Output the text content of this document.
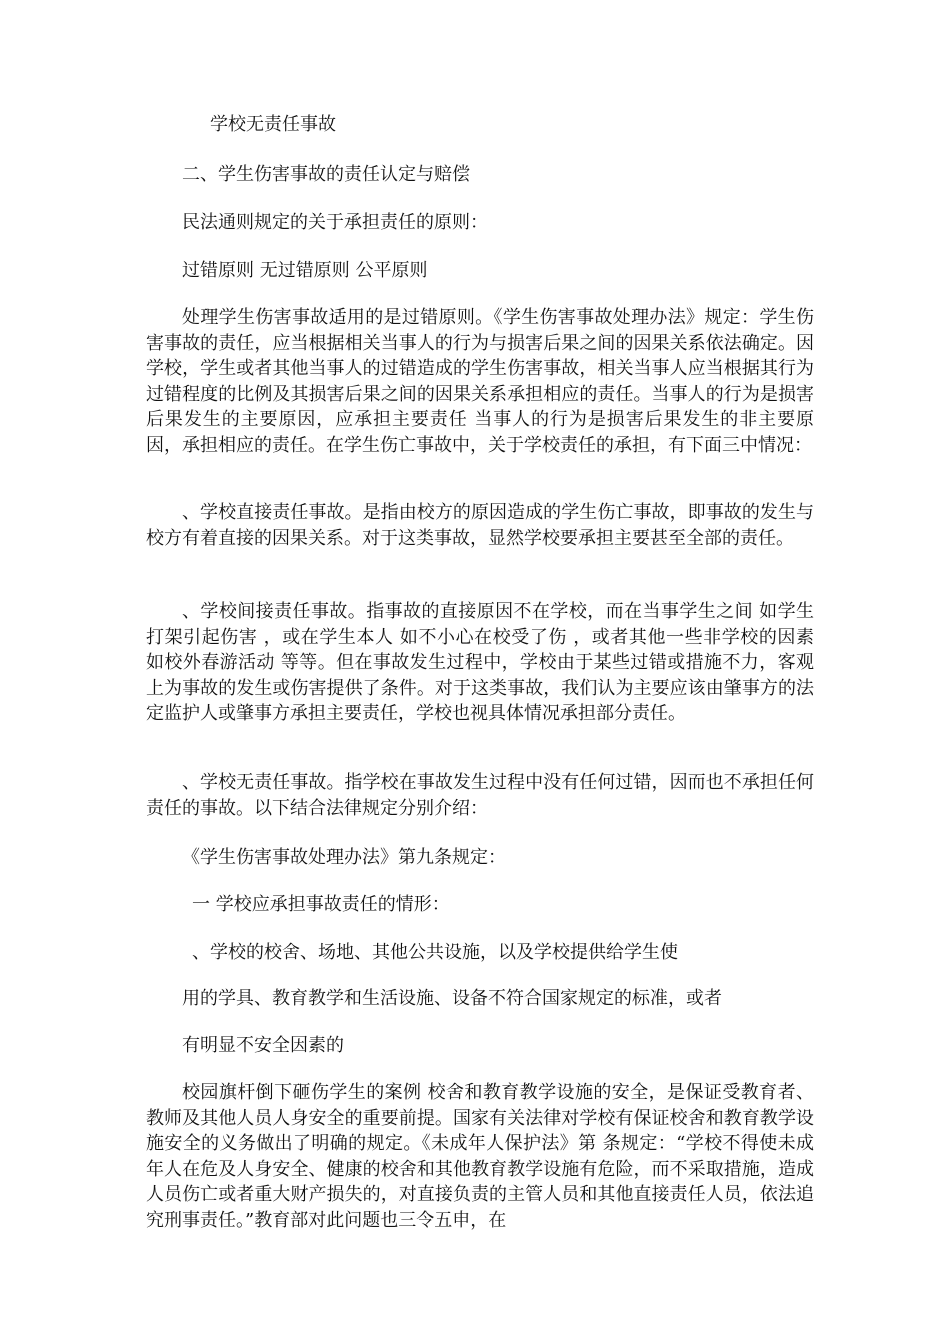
学校无责任事故
二、学生伤害事故的责任认定与赔偿
民法通则规定的关于承担责任的原则：
过错原则 无过错原则 公平原则
处理学生伤害事故适用的是过错原则。《学生伤害事故处理办法》规定：学生伤害事故的责任，应当根据相关当事人的行为与损害后果之间的因果关系依法确定。因学校，学生或者其他当事人的过错造成的学生伤害事故，相关当事人应当根据其行为过错程度的比例及其损害后果之间的因果关系承担相应的责任。当事人的行为是损害后果发生的主要原因，应承担主要责任 当事人的行为是损害后果发生的非主要原因，承担相应的责任。在学生伤亡事故中，关于学校责任的承担，有下面三中情况：
、学校直接责任事故。是指由校方的原因造成的学生伤亡事故，即事故的发生与校方有着直接的因果关系。对于这类事故，显然学校要承担主要甚至全部的责任。
、学校间接责任事故。指事故的直接原因不在学校，而在当事学生之间 如学生打架引起伤害 ，或在学生本人 如不小心在校受了伤 ，或者其他一些非学校的因素 如校外春游活动 等等。但在事故发生过程中，学校由于某些过错或措施不力，客观上为事故的发生或伤害提供了条件。对于这类事故，我们认为主要应该由肇事方的法定监护人或肇事方承担主要责任，学校也视具体情况承担部分责任。
、学校无责任事故。指学校在事故发生过程中没有任何过错，因而也不承担任何责任的事故。以下结合法律规定分别介绍：
《学生伤害事故处理办法》第九条规定：
一 学校应承担事故责任的情形：
、学校的校舍、场地、其他公共设施，以及学校提供给学生使
用的学具、教育教学和生活设施、设备不符合国家规定的标准，或者
有明显不安全因素的
校园旗杆倒下砸伤学生的案例 校舍和教育教学设施的安全，是保证受教育者、教师及其他人员人身安全的重要前提。国家有关法律对学校有保证校舍和教育教学设施安全的义务做出了明确的规定。《未成年人保护法》第 条规定：“学校不得使未成年人在危及人身安全、健康的校舍和其他教育教学设施有危险，而不采取措施，造成人员伤亡或者重大财产损失的，对直接负责的主管人员和其他直接责任人员，依法追究刑事责任。”教育部对此问题也三令五申，在
